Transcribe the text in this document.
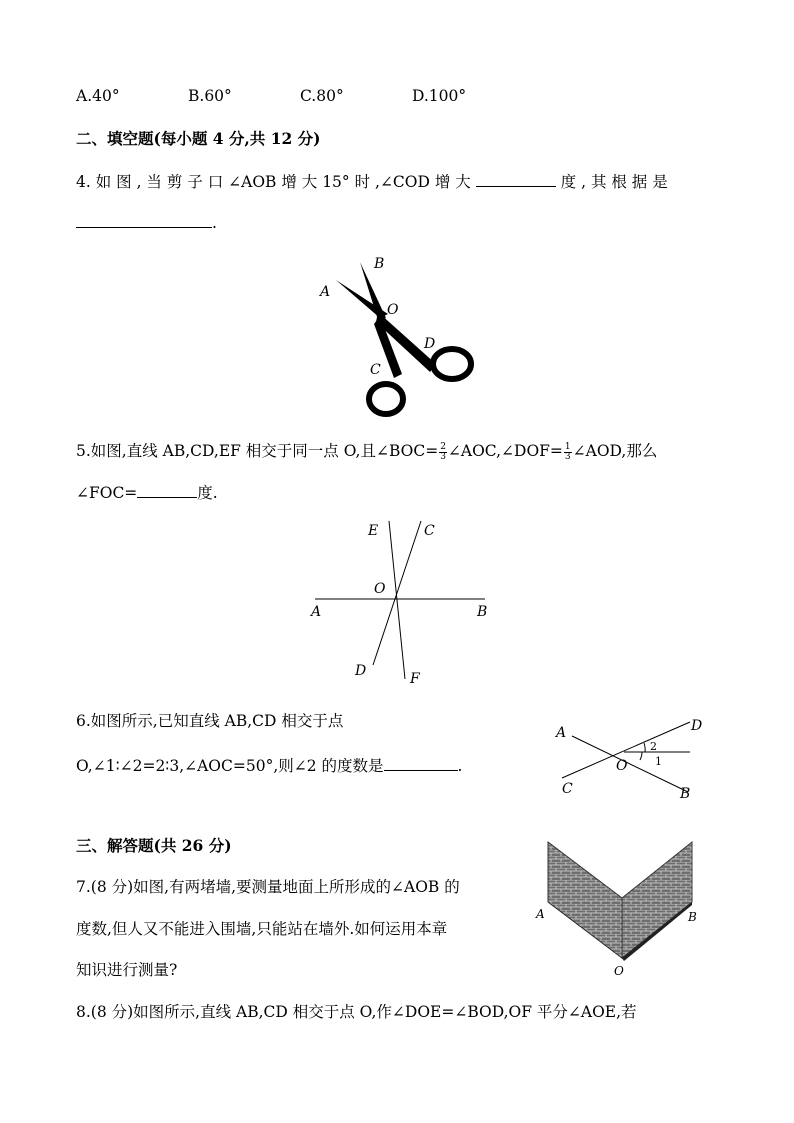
A.40°	B.60°	C.80°	D.100°
二、填空题(每小题 4 分,共 12 分)
4. 如 图 , 当 剪 子 口 ∠AOB 增 大 15° 时 ,∠COD 增 大	度 , 其 根 据 是
.
A
B
O
D
C
5.如图,直线 AB,CD,EF 相交于同一点 O,且∠BOC= $\frac{2}{3}$ ∠AOC,∠DOF= $\frac{1}{3}$ ∠AOD,那么
∠FOC=	度.
E	C
O
A	B
D	F
6.如图所示,已知直线 AB,CD 相交于点
O,∠1∶∠2=2∶3,∠AOC=50°,则∠2 的度数是	.
A	D
O
C	B
1
2
三、解答题(共 26 分)
7.(8 分)如图,有两堵墙,要测量地面上所形成的∠AOB 的
度数,但人又不能进入围墙,只能站在墙外.如何运用本章
知识进行测量?
A	B
O
8.(8 分)如图所示,直线 AB,CD 相交于点 O,作∠DOE=∠BOD,OF 平分∠AOE,若
